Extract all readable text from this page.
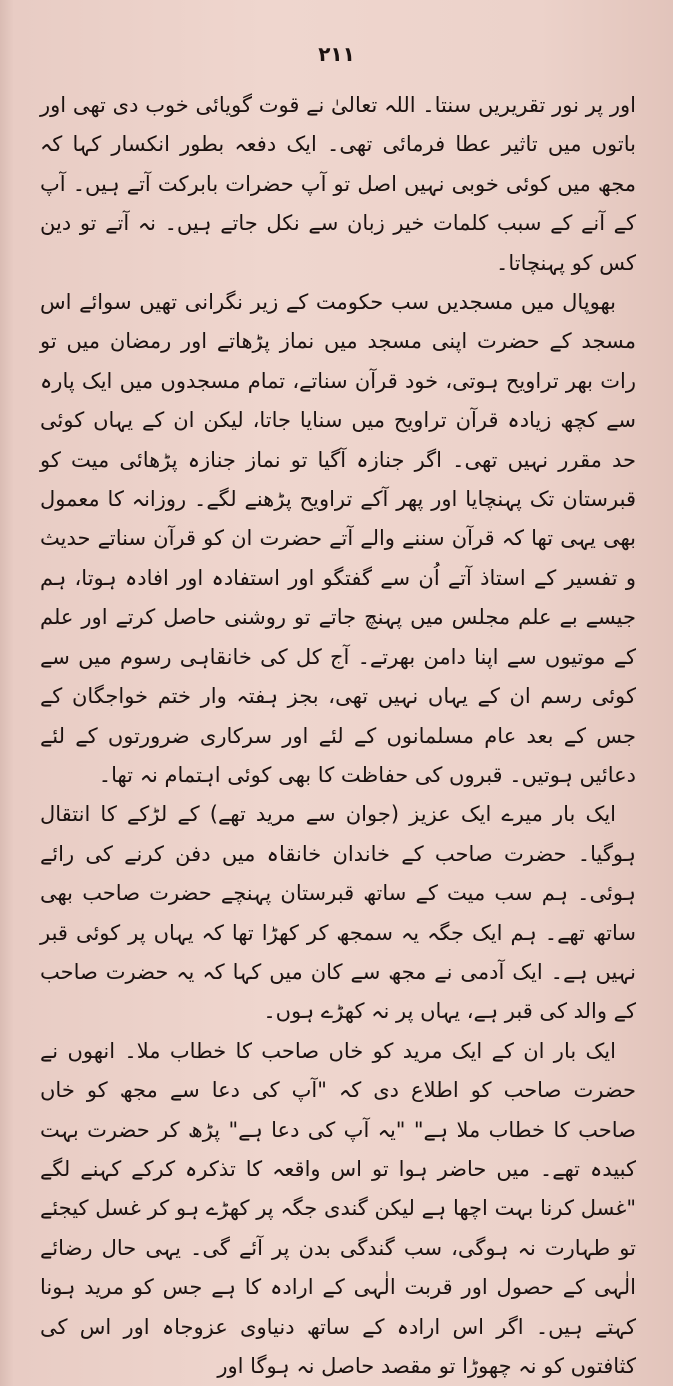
۲۱۱

اور پر نور تقریریں سنتا۔ اللہ تعالیٰ نے قوت گویائی خوب دی تھی اور باتوں میں تاثیر عطا فرمائی تھی۔ ایک دفعہ بطور انکسار کہا کہ مجھ میں کوئی خوبی نہیں اصل تو آپ حضرات بابرکت آتے ہیں۔ آپ کے آنے کے سبب کلمات خیر زبان سے نکل جاتے ہیں۔ نہ آتے تو دین کس کو پہنچاتا۔

بھوپال میں مسجدیں سب حکومت کے زیر نگرانی تھیں سوائے اس مسجد کے حضرت اپنی مسجد میں نماز پڑھاتے اور رمضان میں تو رات بھر تراویح ہوتی، خود قرآن سناتے، تمام مسجدوں میں ایک پارہ سے کچھ زیادہ قرآن تراویح میں سنایا جاتا، لیکن ان کے یہاں کوئی حد مقرر نہیں تھی۔ اگر جنازہ آگیا تو نماز جنازہ پڑھائی میت کو قبرستان تک پہنچایا اور پھر آکے تراویح پڑھنے لگے۔ روزانہ کا معمول بھی یہی تھا کہ قرآن سننے والے آتے حضرت ان کو قرآن سناتے حدیث و تفسیر کے استاذ آتے اُن سے گفتگو اور استفادہ اور افادہ ہوتا، ہم جیسے بے علم مجلس میں پہنچ جاتے تو روشنی حاصل کرتے اور علم کے موتیوں سے اپنا دامن بھرتے۔ آج کل کی خانقاہی رسوم میں سے کوئی رسم ان کے یہاں نہیں تھی، بجز ہفتہ وار ختم خواجگان کے جس کے بعد عام مسلمانوں کے لئے اور سرکاری ضرورتوں کے لئے دعائیں ہوتیں۔ قبروں کی حفاظت کا بھی کوئی اہتمام نہ تھا۔

ایک بار میرے ایک عزیز (جوان سے مرید تھے) کے لڑکے کا انتقال ہوگیا۔ حضرت صاحب کے خاندان خانقاہ میں دفن کرنے کی رائے ہوئی۔ ہم سب میت کے ساتھ قبرستان پہنچے حضرت صاحب بھی ساتھ تھے۔ ہم ایک جگہ یہ سمجھ کر کھڑا تھا کہ یہاں پر کوئی قبر نہیں ہے۔ ایک آدمی نے مجھ سے کان میں کہا کہ یہ حضرت صاحب کے والد کی قبر ہے، یہاں پر نہ کھڑے ہوں۔

ایک بار ان کے ایک مرید کو خاں صاحب کا خطاب ملا۔ انھوں نے حضرت صاحب کو اطلاع دی کہ "آپ کی دعا سے مجھ کو خاں صاحب کا خطاب ملا ہے" "یہ آپ کی دعا ہے" پڑھ کر حضرت بہت کبیدہ تھے۔ میں حاضر ہوا تو اس واقعہ کا تذکرہ کرکے کہنے لگے "غسل کرنا بہت اچھا ہے لیکن گندی جگہ پر کھڑے ہو کر غسل کیجئے تو طہارت نہ ہوگی، سب گندگی بدن پر آئے گی۔ یہی حال رضائے الٰہی کے حصول اور قربت الٰہی کے ارادہ کا ہے جس کو مرید ہونا کہتے ہیں۔ اگر اس ارادہ کے ساتھ دنیاوی عزوجاہ اور اس کی کثافتوں کو نہ چھوڑا تو مقصد حاصل نہ ہوگا اور
